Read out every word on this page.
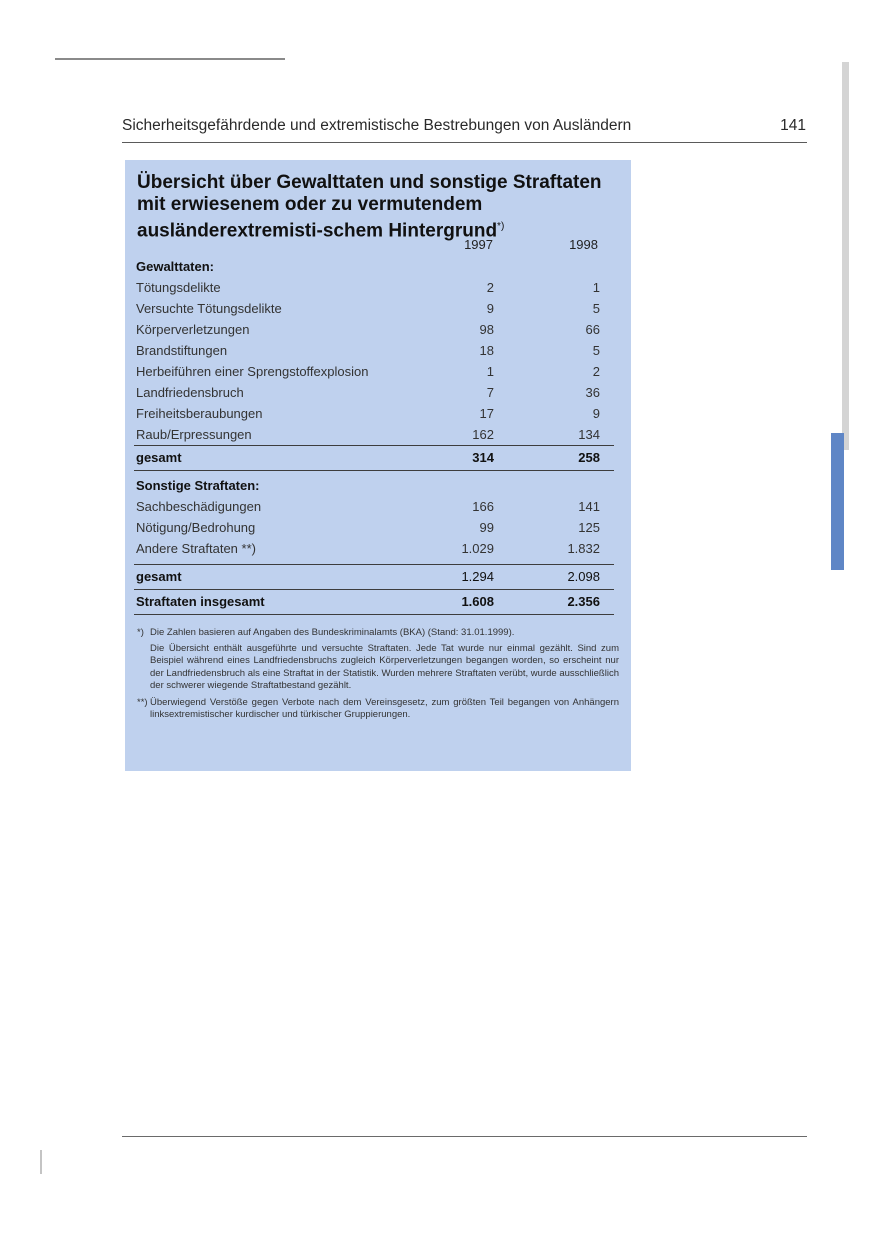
Sicherheitsgefährdende und extremistische Bestrebungen von Ausländern	141
Übersicht über Gewalttaten und sonstige Straftaten mit erwiesenem oder zu vermutendem ausländerextremisti-schem Hintergrund*)
1997	1998
Gewalttaten:
Tötungsdelikte	2	1
Versuchte Tötungsdelikte	9	5
Körperverletzungen	98	66
Brandstiftungen	18	5
Herbeiführen einer Sprengstoffexplosion	1	2
Landfriedensbruch	7	36
Freiheitsberaubungen	17	9
Raub/Erpressungen	162	134
gesamt	314	258
Sonstige Straftaten:
Sachbeschädigungen	166	141
Nötigung/Bedrohung	99	125
Andere Straftaten **)	1.029	1.832
gesamt	1.294	2.098
Straftaten insgesamt	1.608	2.356
*) Die Zahlen basieren auf Angaben des Bundeskriminalamts (BKA) (Stand: 31.01.1999).

Die Übersicht enthält ausgeführte und versuchte Straftaten. Jede Tat wurde nur einmal gezählt. Sind zum Beispiel während eines Landfriedensbruchs zugleich Körperverletzungen begangen worden, so erscheint nur der Landfriedensbruch als eine Straftat in der Statistik. Wurden mehrere Straftaten verübt, wurde ausschließlich der schwerer wiegende Straftatbestand gezählt.

**) Überwiegend Verstöße gegen Verbote nach dem Vereinsgesetz, zum größten Teil begangen von Anhängern linksextremistischer kurdischer und türkischer Gruppierungen.
